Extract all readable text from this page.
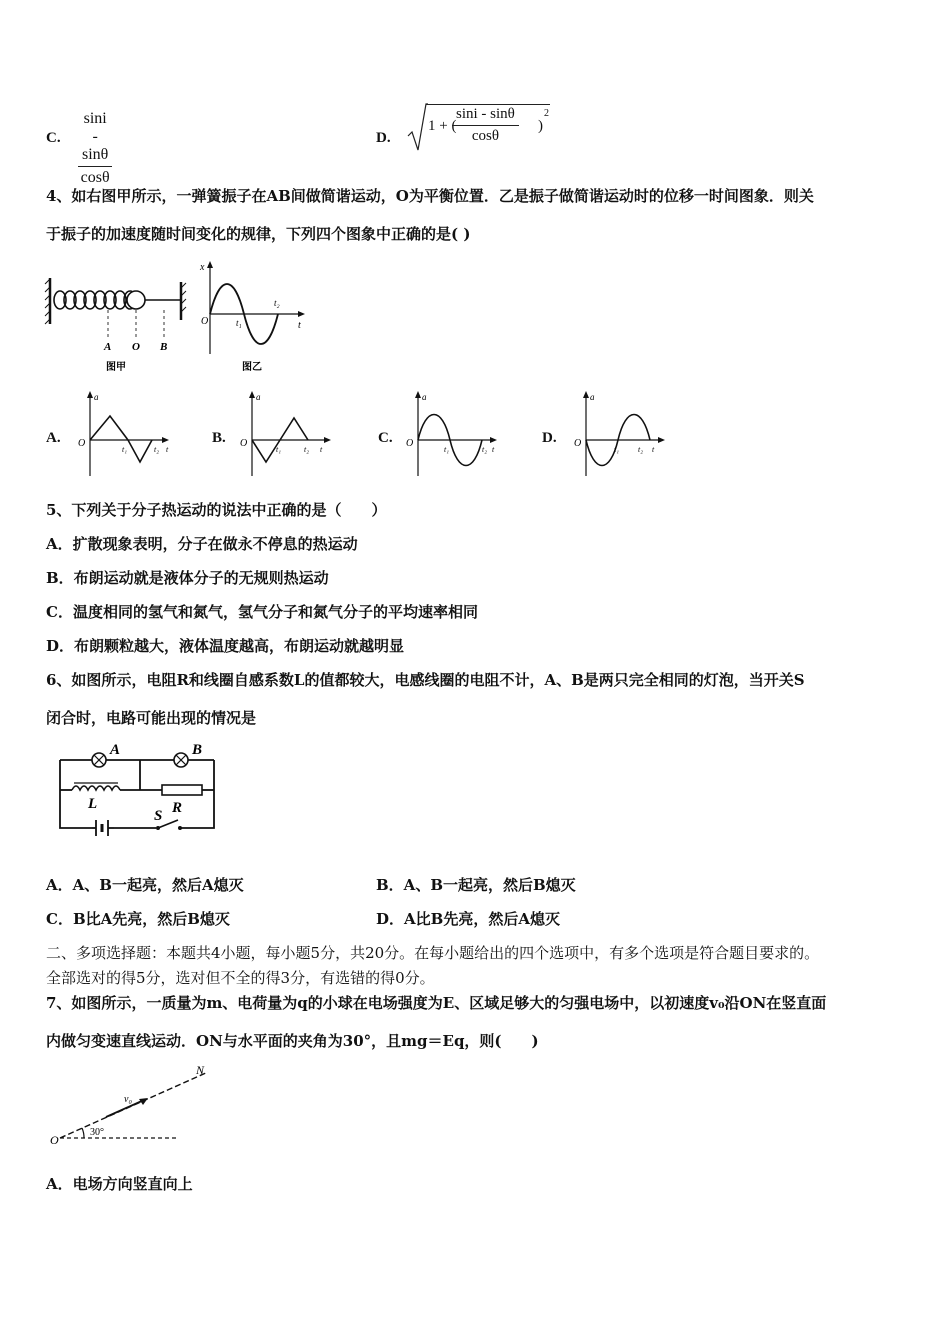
C. $\frac{\sin i - \sin\theta}{\cos\theta}$	D.
1 + (
$\frac{\sin i - \sin\theta}{\cos\theta}$ )
2
4、如右图甲所示，一弹簧振子在AB间做简谐运动，O为平衡位置．乙是振子做简谐运动时的位移一时间图象．则关
于振子的加速度随时间变化的规律，下列四个图象中正确的是( )
A O B
图甲
x
O	t₁
t₂
t
图乙
A.
a
O
t₁	t₂ t
B.
a
O
t₁	t₂ t
C.
a
O
t₁	t₂ t
D.
a
O
t₁ t₂ t
5、下列关于分子热运动的说法中正确的是（　　）
A．扩散现象表明，分子在做永不停息的热运动
B．布朗运动就是液体分子的无规则热运动
C．温度相同的氢气和氮气，氢气分子和氮气分子的平均速率相同
D．布朗颗粒越大，液体温度越高，布朗运动就越明显
6、如图所示，电阻R和线圈自感系数L的值都较大，电感线圈的电阻不计，A、B是两只完全相同的灯泡，当开关S
闭合时，电路可能出现的情况是
A	B
L	R
S
A．A、B一起亮，然后A熄灭	B．A、B一起亮，然后B熄灭
C．B比A先亮，然后B熄灭	D．A比B先亮，然后A熄灭
二、多项选择题：本题共4小题，每小题5分，共20分。在每小题给出的四个选项中，有多个选项是符合题目要求的。
全部选对的得5分，选对但不全的得3分，有选错的得0分。
7、如图所示，一质量为m、电荷量为q的小球在电场强度为E、区域足够大的匀强电场中，以初速度v₀沿ON在竖直面
内做匀变速直线运动．ON与水平面的夹角为30°，且mg＝Eq，则(　　)
O
N
v₀
30°
A．电场方向竖直向上
